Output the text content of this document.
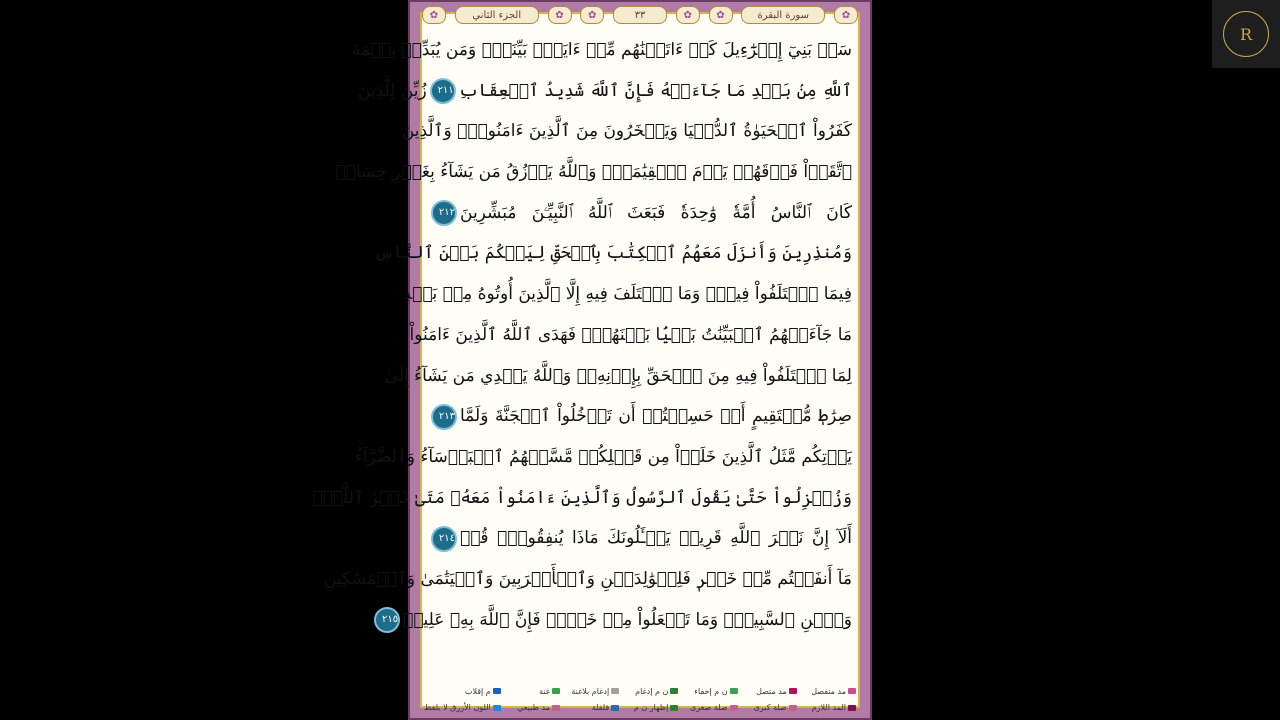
✿	الجزء الثاني	✿	✿	٣٣	✿	✿	سورة البقرة	✿
سَلۡ بَنِيٓ إِسۡرَٰٓءِيلَ كَمۡ ءَاتَيۡنَٰهُم مِّنۡ ءَايَةِۭ بَيِّنَةٖۗ وَمَن يُبَدِّلۡ نِعۡمَةَ
ٱللَّهِ مِنۢ بَعۡدِ مَا جَآءَتۡهُ فَإِنَّ ٱللَّهَ شَدِيدُ ٱلۡعِقَابِ٢١١زُيِّنَ لِلَّذِينَ
كَفَرُواْ ٱلۡحَيَوٰةُ ٱلدُّنۡيَا وَيَسۡخَرُونَ مِنَ ٱلَّذِينَ ءَامَنُواْۘ وَٱلَّذِينَ
ٱتَّقَوۡاْ فَوۡقَهُمۡ يَوۡمَ ٱلۡقِيَٰمَةِۗ وَٱللَّهُ يَرۡزُقُ مَن يَشَآءُ بِغَيۡرِ حِسَابٖ
كَانَ ٱلنَّاسُ أُمَّةٗ وَٰحِدَةٗ فَبَعَثَ ٱللَّهُ ٱلنَّبِيِّـۧنَ مُبَشِّرِينَ٢١٢
وَمُنذِرِينَ وَأَنزَلَ مَعَهُمُ ٱلۡكِتَٰبَ بِٱلۡحَقِّ لِيَحۡكُمَ بَيۡنَ ٱلنَّاسِ
فِيمَا ٱخۡتَلَفُواْ فِيهِۚ وَمَا ٱخۡتَلَفَ فِيهِ إِلَّا ٱلَّذِينَ أُوتُوهُ مِنۢ بَعۡدِ
مَا جَآءَتۡهُمُ ٱلۡبَيِّنَٰتُ بَغۡيَۢا بَيۡنَهُمۡۖ فَهَدَى ٱللَّهُ ٱلَّذِينَ ءَامَنُواْ
لِمَا ٱخۡتَلَفُواْ فِيهِ مِنَ ٱلۡحَقِّ بِإِذۡنِهِۦۗ وَٱللَّهُ يَهۡدِي مَن يَشَآءُ إِلَىٰ
صِرَٰطٖ مُّسۡتَقِيمٍ أَمۡ حَسِبۡتُمۡ أَن تَدۡخُلُواْ ٱلۡجَنَّةَ وَلَمَّا٢١٣
يَأۡتِكُم مَّثَلُ ٱلَّذِينَ خَلَوۡاْ مِن قَبۡلِكُمۖ مَّسَّتۡهُمُ ٱلۡبَأۡسَآءُ وَٱلضَّرَّآءُ
وَزُلۡزِلُواْ حَتَّىٰ يَقُولَ ٱلرَّسُولُ وَٱلَّذِينَ ءَامَنُواْ مَعَهُۥ مَتَىٰ نَصۡرُ ٱللَّهِۗ
أَلَآ إِنَّ نَصۡرَ ٱللَّهِ قَرِيبٞ يَسۡـَٔلُونَكَ مَاذَا يُنفِقُونَۖ قُلۡ٢١٤
مَآ أَنفَقۡتُم مِّنۡ خَيۡرٖ فَلِلۡوَٰلِدَيۡنِ وَٱلۡأَقۡرَبِينَ وَٱلۡيَتَٰمَىٰ وَٱلۡمَسَٰكِينِ
وَٱبۡنِ ٱلسَّبِيلِۗ وَمَا تَفۡعَلُواْ مِنۡ خَيۡرٖ فَإِنَّ ٱللَّهَ بِهِۦ عَلِيمٞ٢١٥
مد منفصل
مد متصل
ن م إخفاء
ن م إدغام
إدغام بلاغنة
غنة
م إقلاب
المد اللازم
صلة كبرى
صلة صغرى
إظهار ن م
قلقلة
مد طبيعي
اللون الأزرق لا يلفظ
R
